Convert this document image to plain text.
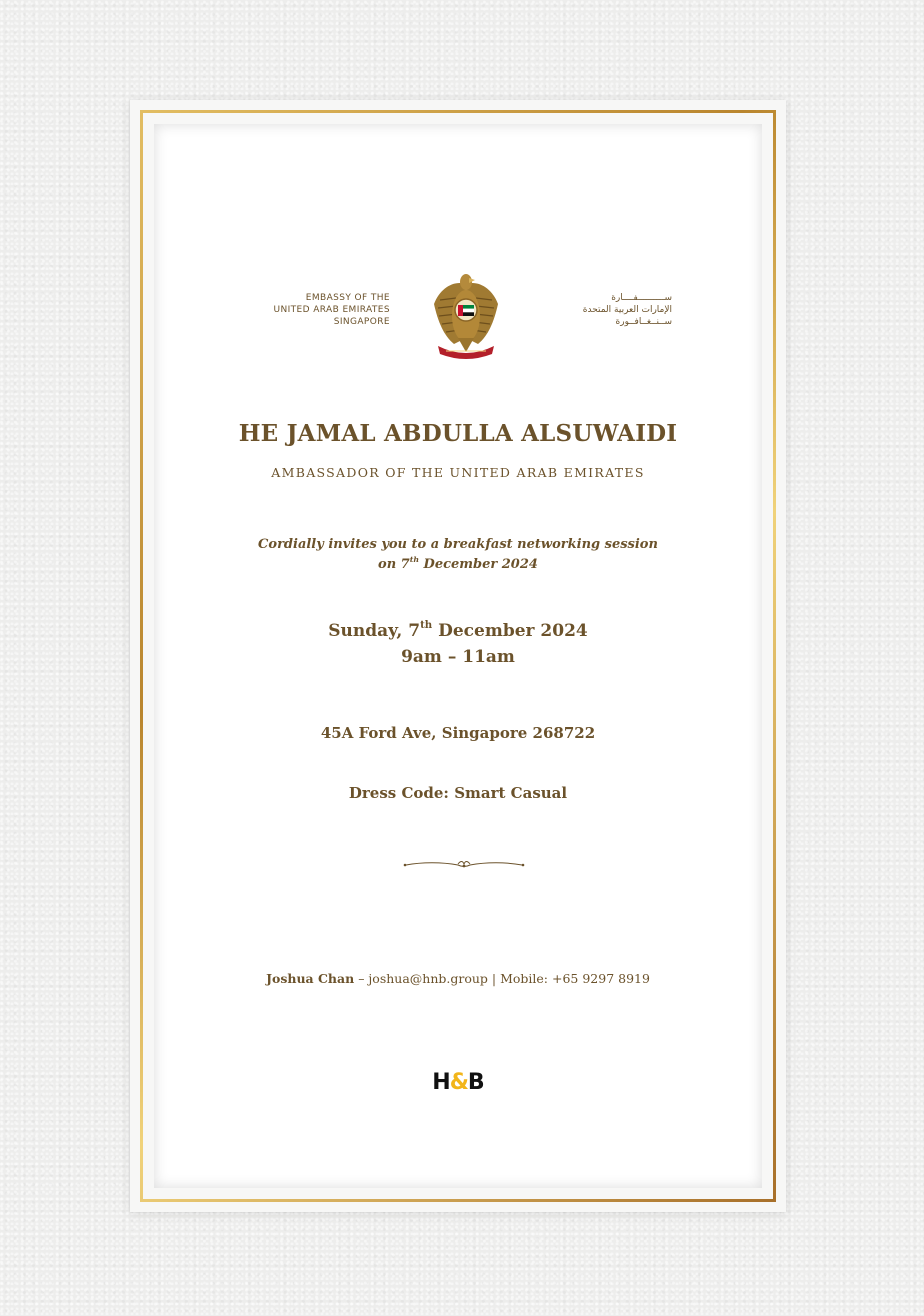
EMBASSY OF THE
UNITED ARAB EMIRATES
SINGAPORE
ســــــــــفــــارة
الإمارات العربية المتحدة
ســنــغــافــورة
HE JAMAL ABDULLA ALSUWAIDI
AMBASSADOR OF THE UNITED ARAB EMIRATES
Cordially invites you to a breakfast networking session
on 7th December 2024
Sunday, 7th December 2024
9am – 11am
45A Ford Ave, Singapore 268722
Dress Code: Smart Casual
Joshua Chan – joshua@hnb.group | Mobile: +65 9297 8919
H&B
